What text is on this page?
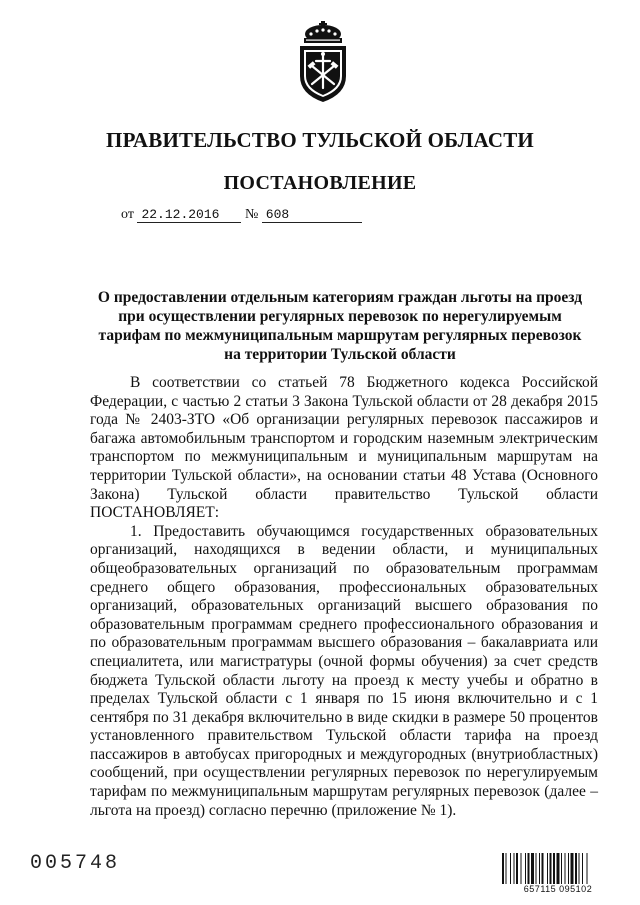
ПРАВИТЕЛЬСТВО ТУЛЬСКОЙ ОБЛАСТИ
ПОСТАНОВЛЕНИЕ
от 22.12.2016 № 608
О предоставлении отдельным категориям граждан льготы на проезд при осуществлении регулярных перевозок по нерегулируемым тарифам по межмуниципальным маршрутам регулярных перевозок на территории Тульской области

В соответствии со статьей 78 Бюджетного кодекса Российской Федерации, с частью 2 статьи 3 Закона Тульской области от 28 декабря 2015 года № 2403-ЗТО «Об организации регулярных перевозок пассажиров и багажа автомобильным транспортом и городским наземным электрическим транспортом по межмуниципальным и муниципальным маршрутам на территории Тульской области», на основании статьи 48 Устава (Основного Закона) Тульской области правительство Тульской области ПОСТАНОВЛЯЕТ:

1. Предоставить обучающимся государственных образовательных организаций, находящихся в ведении области, и муниципальных общеобразовательных организаций по образовательным программам среднего общего образования, профессиональных образовательных организаций, образовательных организаций высшего образования по образовательным программам среднего профессионального образования и по образовательным программам высшего образования – бакалавриата или специалитета, или магистратуры (очной формы обучения) за счет средств бюджета Тульской области льготу на проезд к месту учебы и обратно в пределах Тульской области с 1 января по 15 июня включительно и с 1 сентября по 31 декабря включительно в виде скидки в размере 50 процентов установленного правительством Тульской области тарифа на проезд пассажиров в автобусах пригородных и междугородных (внутриобластных) сообщений, при осуществлении регулярных перевозок по нерегулируемым тарифам по межмуниципальным маршрутам регулярных перевозок (далее – льгота на проезд) согласно перечню (приложение № 1).

005748
657115 095102
